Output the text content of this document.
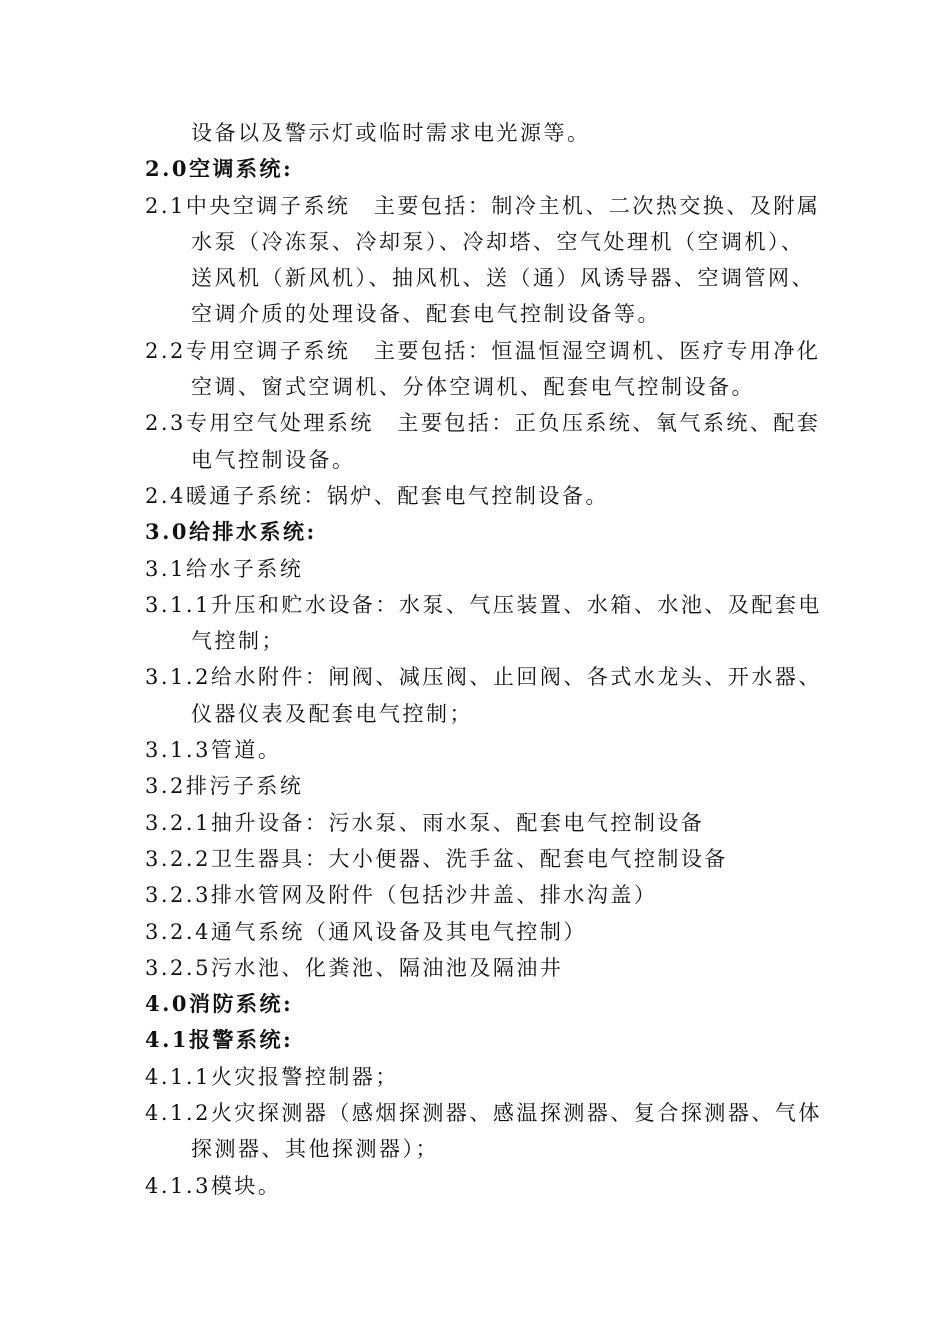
设备以及警示灯或临时需求电光源等。
2.0空调系统:
2.1中央空调子系统　主要包括：制冷主机、二次热交换、及附属
水泵（冷冻泵、冷却泵）、冷却塔、空气处理机（空调机）、
送风机（新风机）、抽风机、送（通）风诱导器、空调管网、
空调介质的处理设备、配套电气控制设备等。
2.2专用空调子系统　主要包括：恒温恒湿空调机、医疗专用净化
空调、窗式空调机、分体空调机、配套电气控制设备。
2.3专用空气处理系统　主要包括：正负压系统、氧气系统、配套
电气控制设备。
2.4暖通子系统：锅炉、配套电气控制设备。
3.0给排水系统:
3.1给水子系统
3.1.1升压和贮水设备：水泵、气压装置、水箱、水池、及配套电
气控制；
3.1.2给水附件：闸阀、减压阀、止回阀、各式水龙头、开水器、
仪器仪表及配套电气控制；
3.1.3管道。
3.2排污子系统
3.2.1抽升设备：污水泵、雨水泵、配套电气控制设备
3.2.2卫生器具：大小便器、洗手盆、配套电气控制设备
3.2.3排水管网及附件（包括沙井盖、排水沟盖）
3.2.4通气系统（通风设备及其电气控制）
3.2.5污水池、化粪池、隔油池及隔油井
4.0消防系统:
4.1报警系统:
4.1.1火灾报警控制器；
4.1.2火灾探测器（感烟探测器、感温探测器、复合探测器、气体
探测器、其他探测器）；
4.1.3模块。
